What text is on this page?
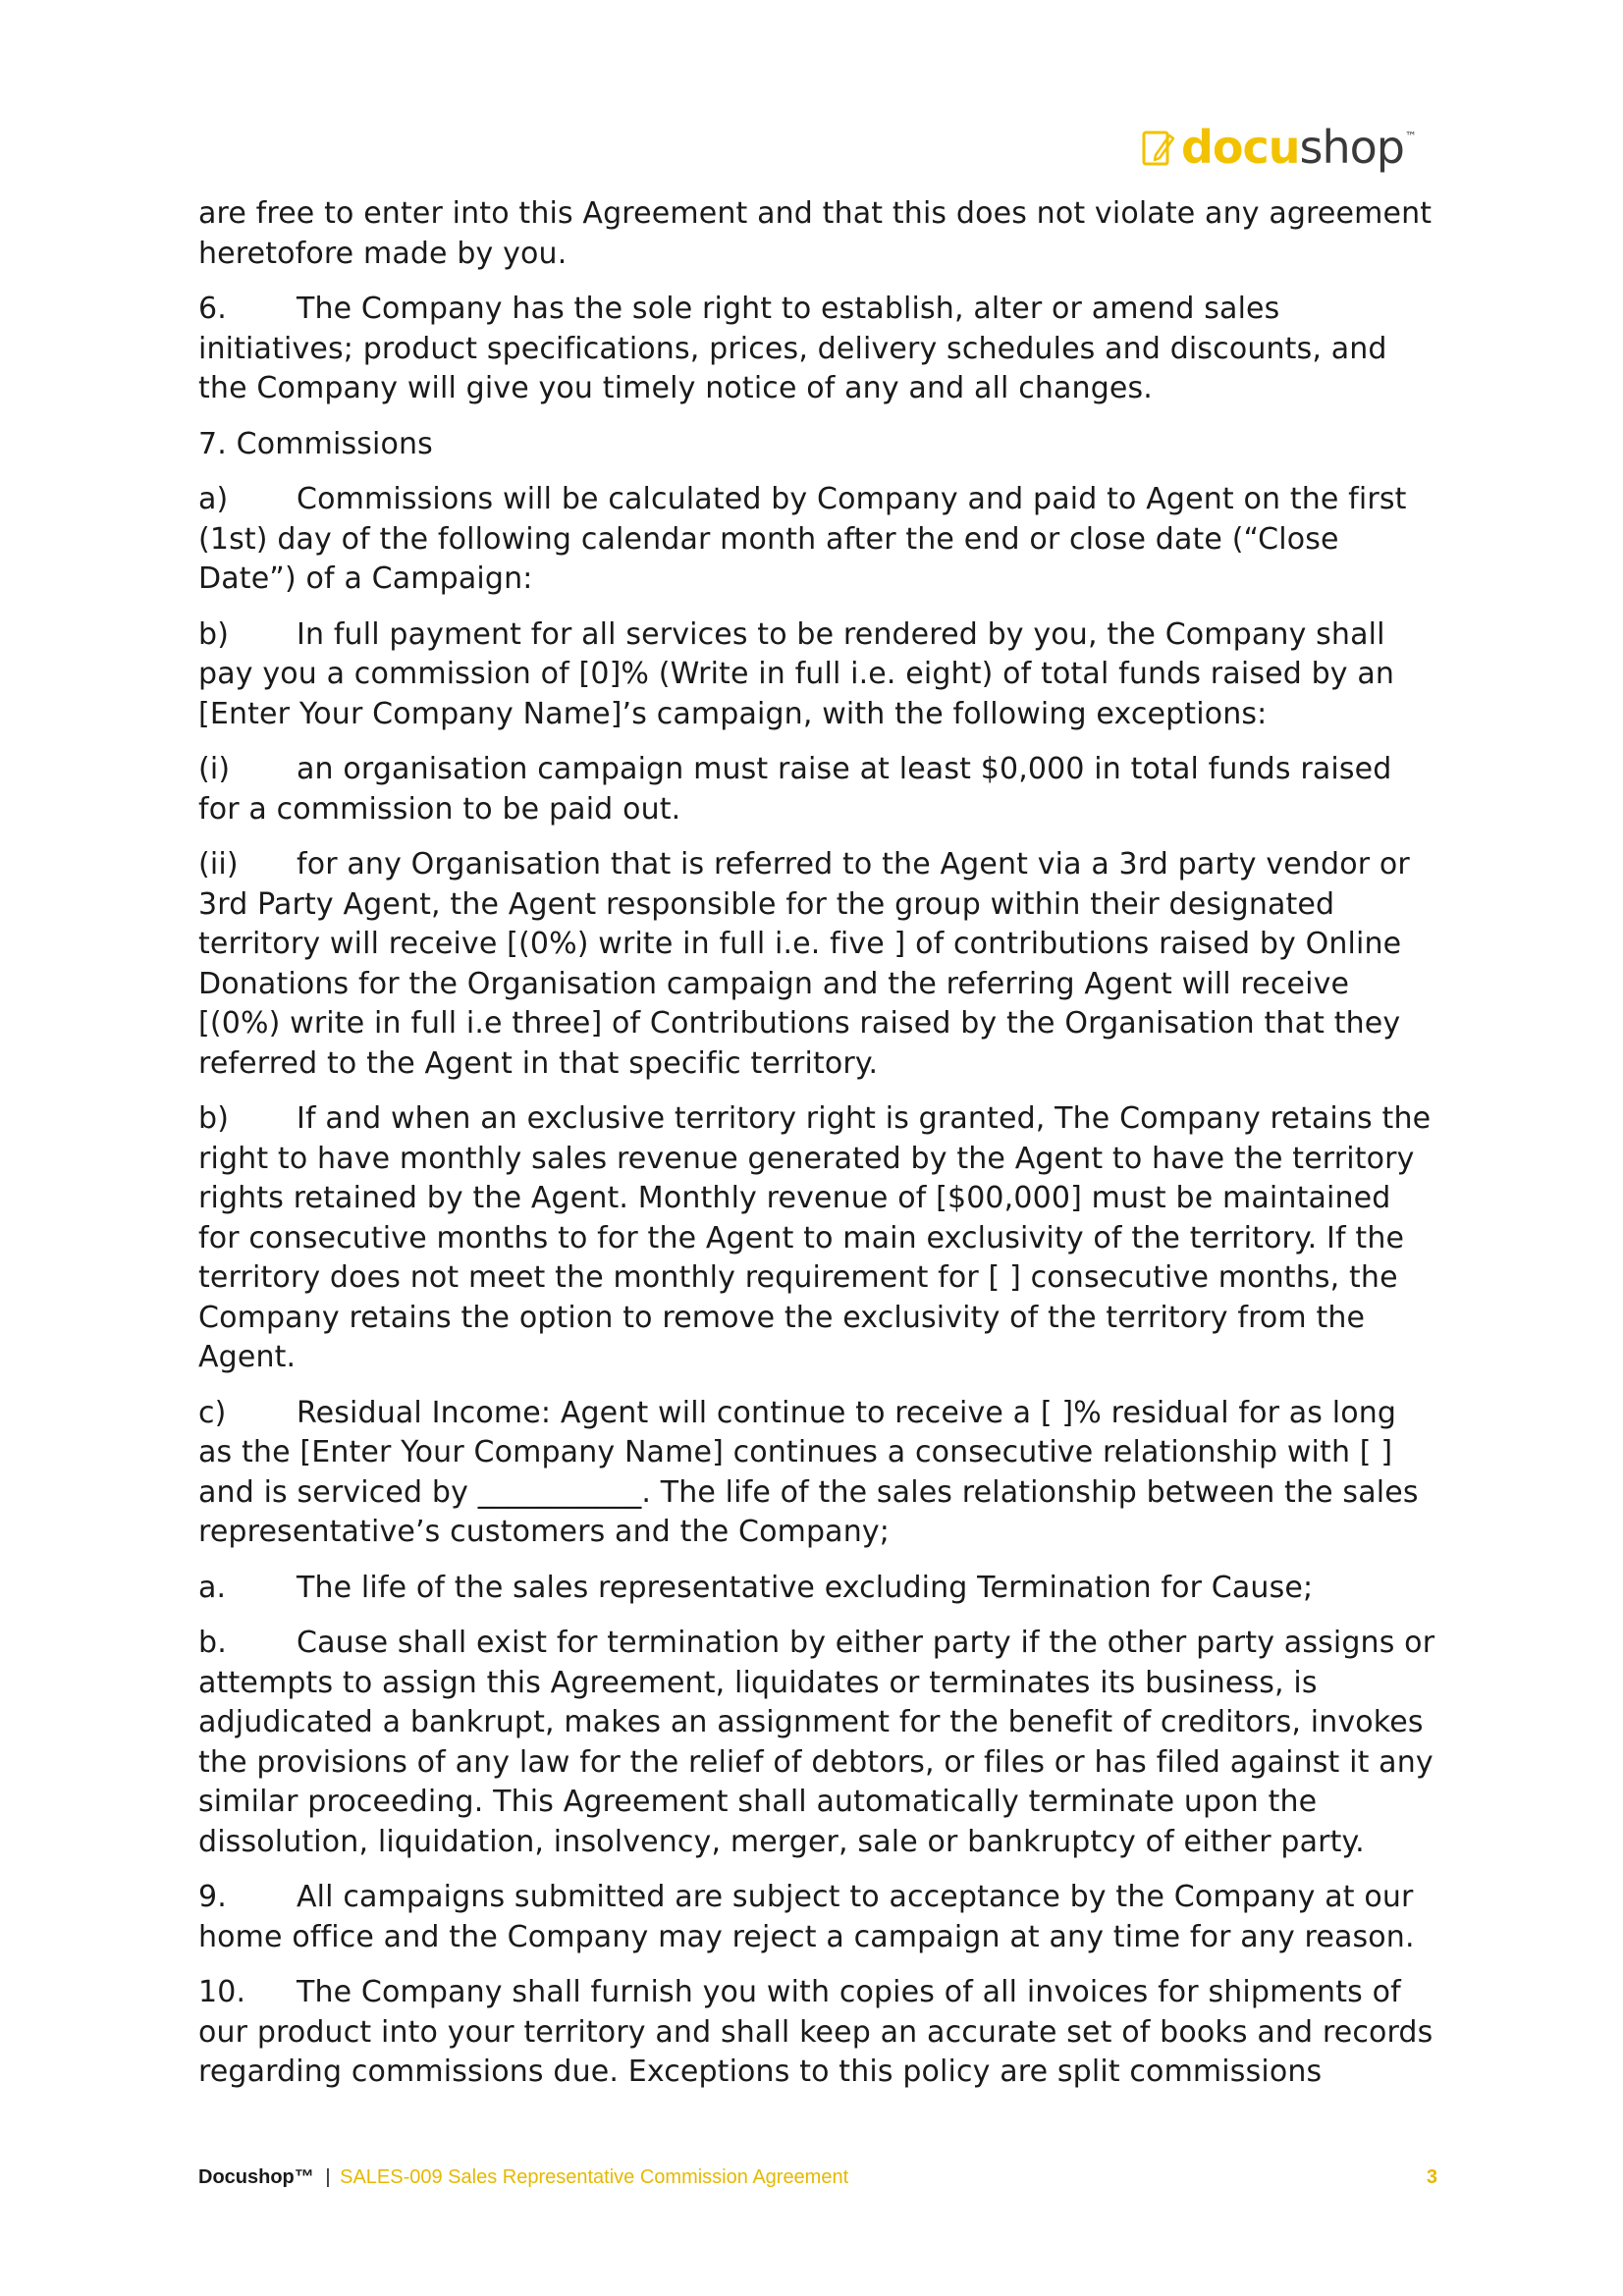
docushop™

are free to enter into this Agreement and that this does not violate any agreement heretofore made by you.

6. The Company has the sole right to establish, alter or amend sales initiatives; product specifications, prices, delivery schedules and discounts, and the Company will give you timely notice of any and all changes.

7. Commissions

a) Commissions will be calculated by Company and paid to Agent on the first (1st) day of the following calendar month after the end or close date (“Close Date”) of a Campaign:

b) In full payment for all services to be rendered by you, the Company shall pay you a commission of [0]% (Write in full i.e. eight) of total funds raised by an [Enter Your Company Name]’s campaign, with the following exceptions:

(i) an organisation campaign must raise at least $0,000 in total funds raised for a commission to be paid out.

(ii) for any Organisation that is referred to the Agent via a 3rd party vendor or 3rd Party Agent, the Agent responsible for the group within their designated territory will receive [(0%) write in full i.e. five ] of contributions raised by Online Donations for the Organisation campaign and the referring Agent will receive [(0%) write in full i.e three] of Contributions raised by the Organisation that they referred to the Agent in that specific territory.

b) If and when an exclusive territory right is granted, The Company retains the right to have monthly sales revenue generated by the Agent to have the territory rights retained by the Agent. Monthly revenue of [$00,000] must be maintained for consecutive months to for the Agent to main exclusivity of the territory. If the territory does not meet the monthly requirement for [ ] consecutive months, the Company retains the option to remove the exclusivity of the territory from the Agent.

c) Residual Income: Agent will continue to receive a [ ]% residual for as long as the [Enter Your Company Name] continues a consecutive relationship with [ ] and is serviced by ___________. The life of the sales relationship between the sales representative’s customers and the Company;

a. The life of the sales representative excluding Termination for Cause;

b. Cause shall exist for termination by either party if the other party assigns or attempts to assign this Agreement, liquidates or terminates its business, is adjudicated a bankrupt, makes an assignment for the benefit of creditors, invokes the provisions of any law for the relief of debtors, or files or has filed against it any similar proceeding. This Agreement shall automatically terminate upon the dissolution, liquidation, insolvency, merger, sale or bankruptcy of either party.

9. All campaigns submitted are subject to acceptance by the Company at our home office and the Company may reject a campaign at any time for any reason.

10. The Company shall furnish you with copies of all invoices for shipments of our product into your territory and shall keep an accurate set of books and records regarding commissions due. Exceptions to this policy are split commissions

Docushop™ | SALES-009 Sales Representative Commission Agreement	3
